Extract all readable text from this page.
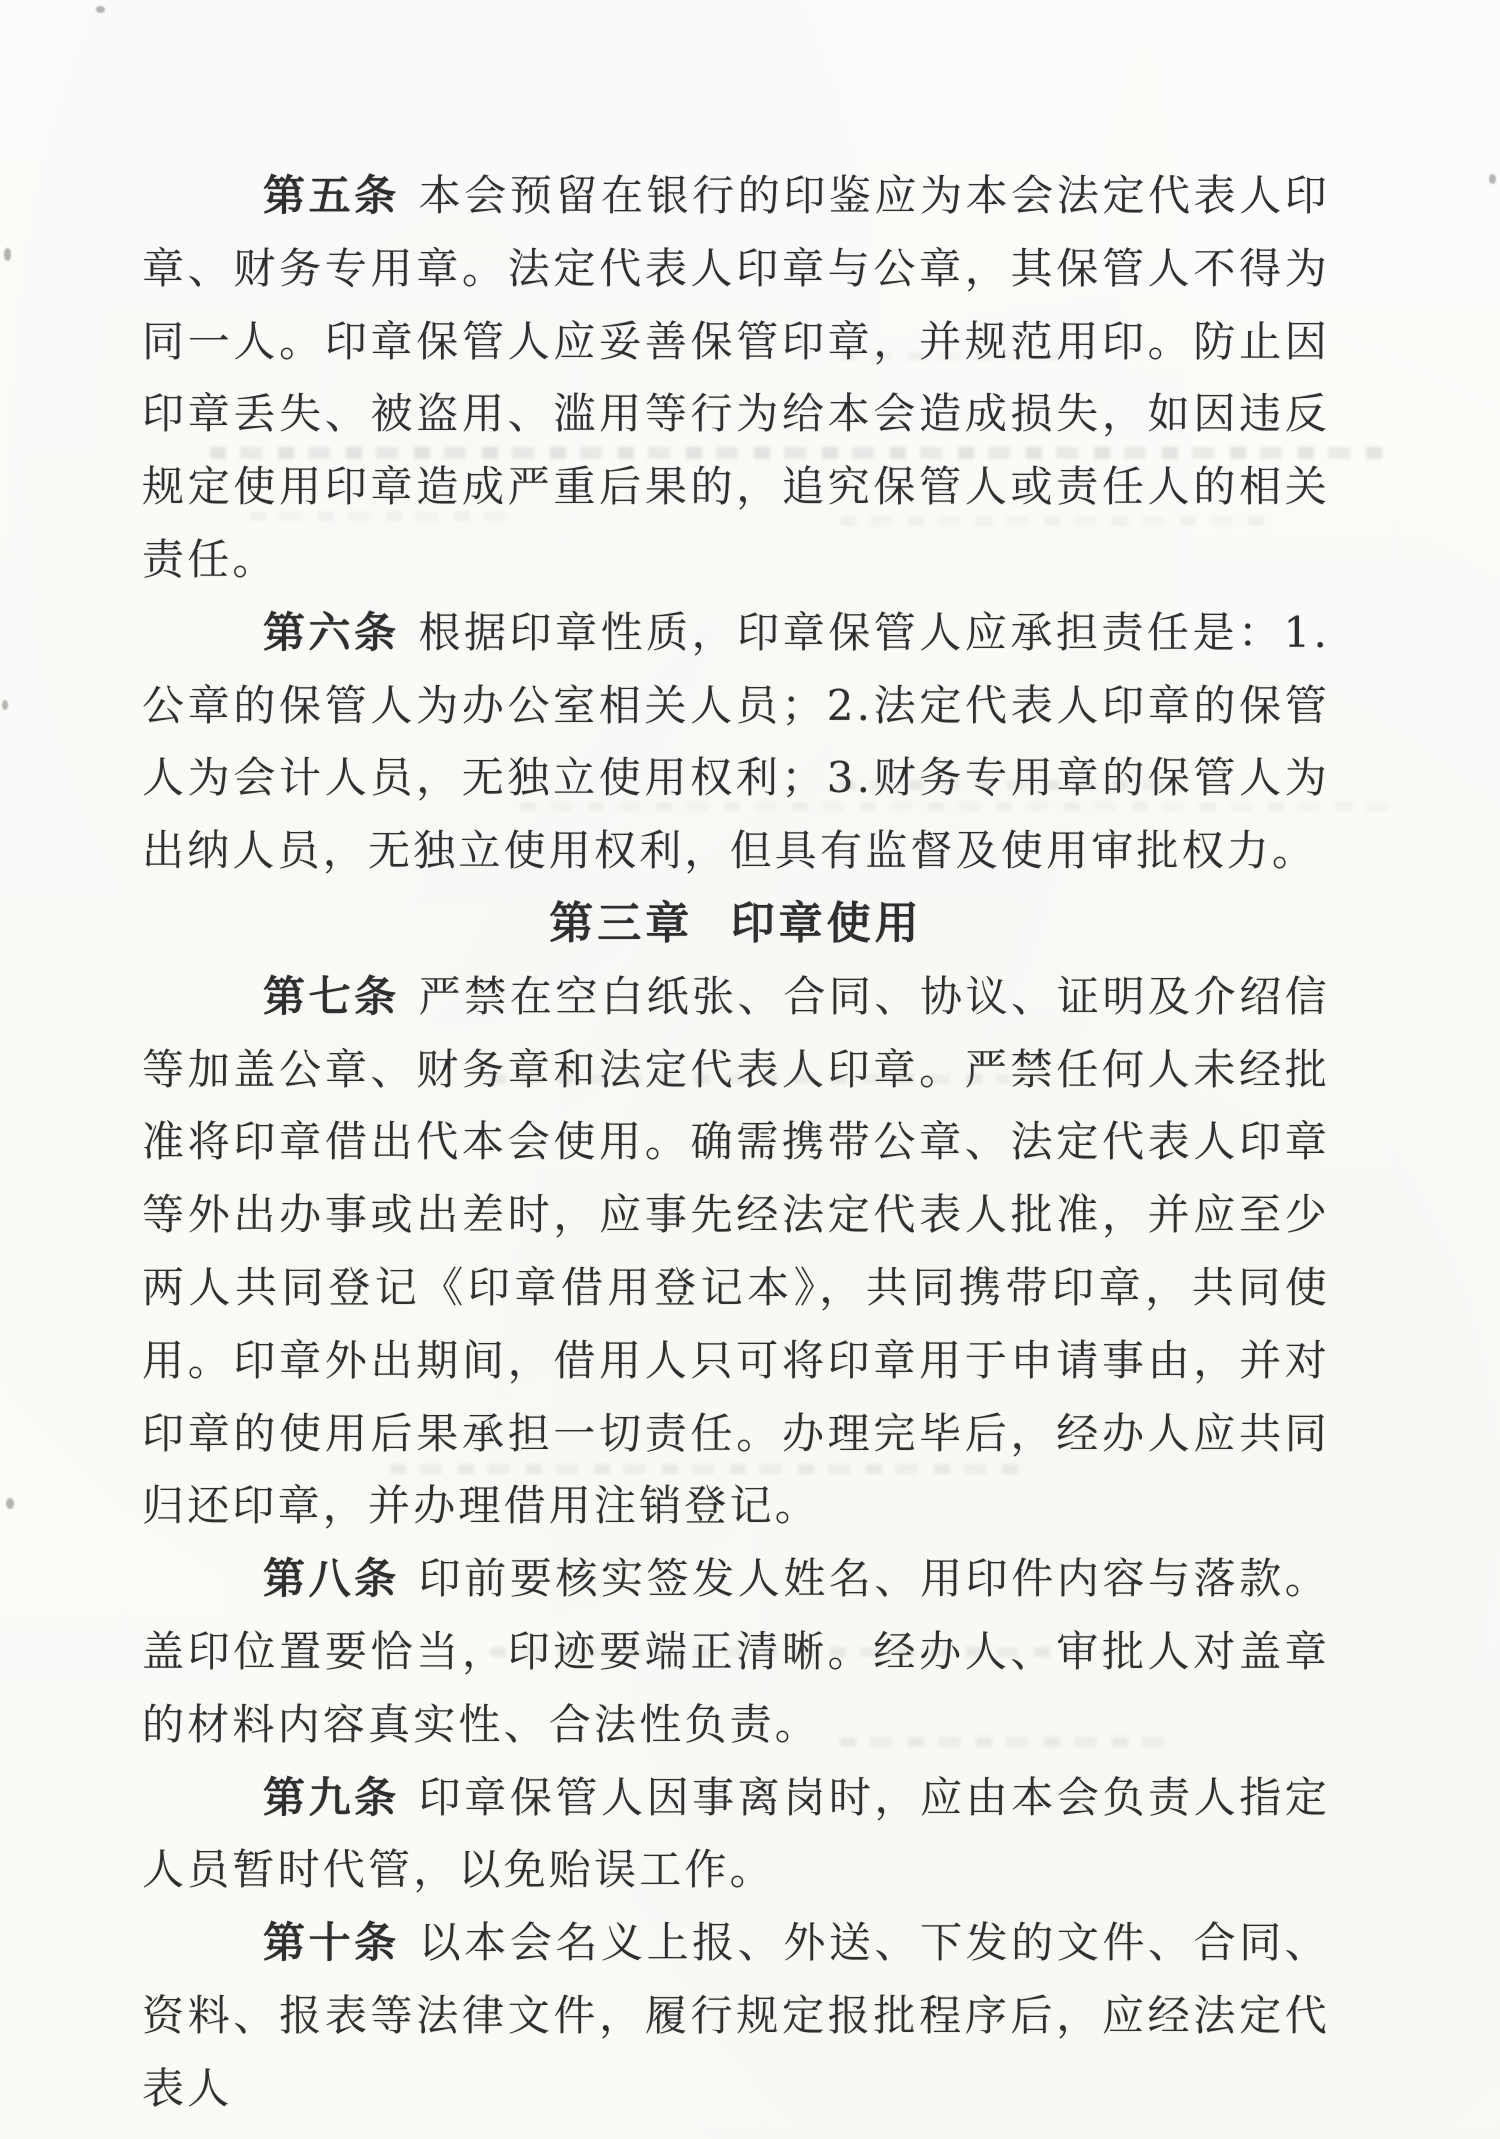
第五条 本会预留在银行的印鉴应为本会法定代表人印章、财务专用章。法定代表人印章与公章，其保管人不得为同一人。印章保管人应妥善保管印章，并规范用印。防止因印章丢失、被盗用、滥用等行为给本会造成损失，如因违反规定使用印章造成严重后果的，追究保管人或责任人的相关责任。

第六条 根据印章性质，印章保管人应承担责任是：1.公章的保管人为办公室相关人员；2.法定代表人印章的保管人为会计人员，无独立使用权利；3.财务专用章的保管人为出纳人员，无独立使用权利，但具有监督及使用审批权力。

第三章 印章使用

第七条 严禁在空白纸张、合同、协议、证明及介绍信等加盖公章、财务章和法定代表人印章。严禁任何人未经批准将印章借出代本会使用。确需携带公章、法定代表人印章等外出办事或出差时，应事先经法定代表人批准，并应至少两人共同登记《印章借用登记本》，共同携带印章，共同使用。印章外出期间，借用人只可将印章用于申请事由，并对印章的使用后果承担一切责任。办理完毕后，经办人应共同归还印章，并办理借用注销登记。

第八条 印前要核实签发人姓名、用印件内容与落款。盖印位置要恰当，印迹要端正清晰。经办人、审批人对盖章的材料内容真实性、合法性负责。

第九条 印章保管人因事离岗时，应由本会负责人指定人员暂时代管，以免贻误工作。

第十条 以本会名义上报、外送、下发的文件、合同、资料、报表等法律文件，履行规定报批程序后，应经法定代表人
